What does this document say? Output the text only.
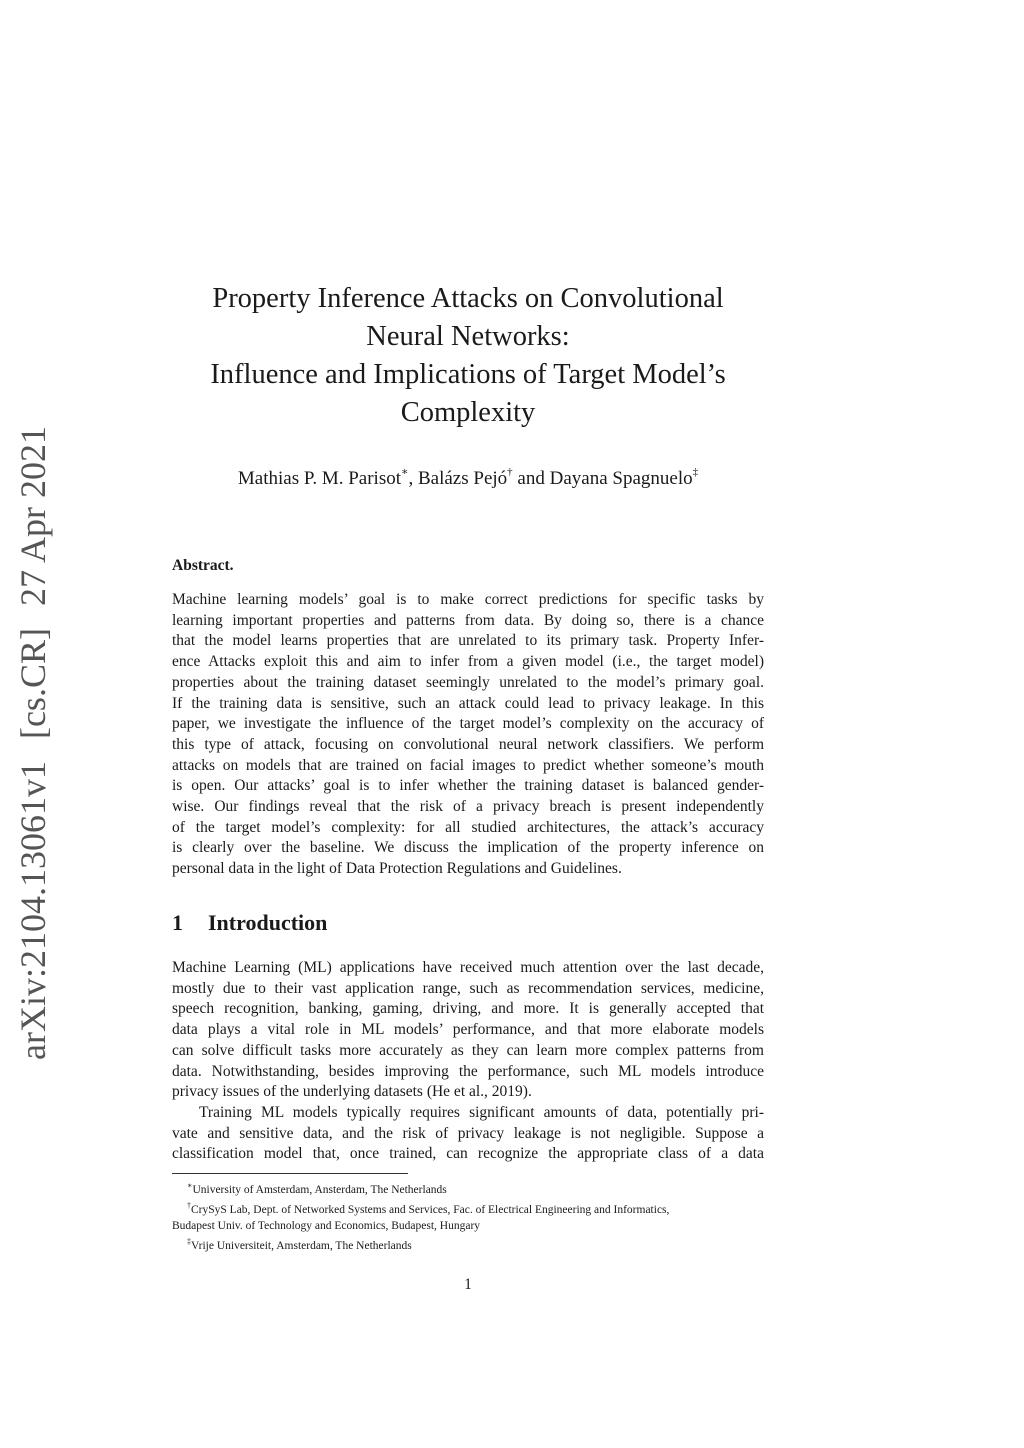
arXiv:2104.13061v1[cs.CR]27 Apr 2021
Property Inference Attacks on Convolutional
Neural Networks:
Influence and Implications of Target Model’s
Complexity
Mathias P. M. Parisot∗, Balázs Pejó† and Dayana Spagnuelo‡
Abstract.
Machine learning models’ goal is to make correct predictions for specific tasks by
learning important properties and patterns from data. By doing so, there is a chance
that the model learns properties that are unrelated to its primary task. Property Infer-
ence Attacks exploit this and aim to infer from a given model (i.e., the target model)
properties about the training dataset seemingly unrelated to the model’s primary goal.
If the training data is sensitive, such an attack could lead to privacy leakage. In this
paper, we investigate the influence of the target model’s complexity on the accuracy of
this type of attack, focusing on convolutional neural network classifiers. We perform
attacks on models that are trained on facial images to predict whether someone’s mouth
is open. Our attacks’ goal is to infer whether the training dataset is balanced gender-
wise. Our findings reveal that the risk of a privacy breach is present independently
of the target model’s complexity: for all studied architectures, the attack’s accuracy
is clearly over the baseline. We discuss the implication of the property inference on
personal data in the light of Data Protection Regulations and Guidelines.
1 Introduction
Machine Learning (ML) applications have received much attention over the last decade,
mostly due to their vast application range, such as recommendation services, medicine,
speech recognition, banking, gaming, driving, and more. It is generally accepted that
data plays a vital role in ML models’ performance, and that more elaborate models
can solve difficult tasks more accurately as they can learn more complex patterns from
data. Notwithstanding, besides improving the performance, such ML models introduce
privacy issues of the underlying datasets (He et al., 2019).
Training ML models typically requires significant amounts of data, potentially pri-
vate and sensitive data, and the risk of privacy leakage is not negligible. Suppose a
classification model that, once trained, can recognize the appropriate class of a data
∗University of Amsterdam, Ansterdam, The Netherlands
†CrySyS Lab, Dept. of Networked Systems and Services, Fac. of Electrical Engineering and Informatics,
Budapest Univ. of Technology and Economics, Budapest, Hungary
‡Vrije Universiteit, Amsterdam, The Netherlands
1
